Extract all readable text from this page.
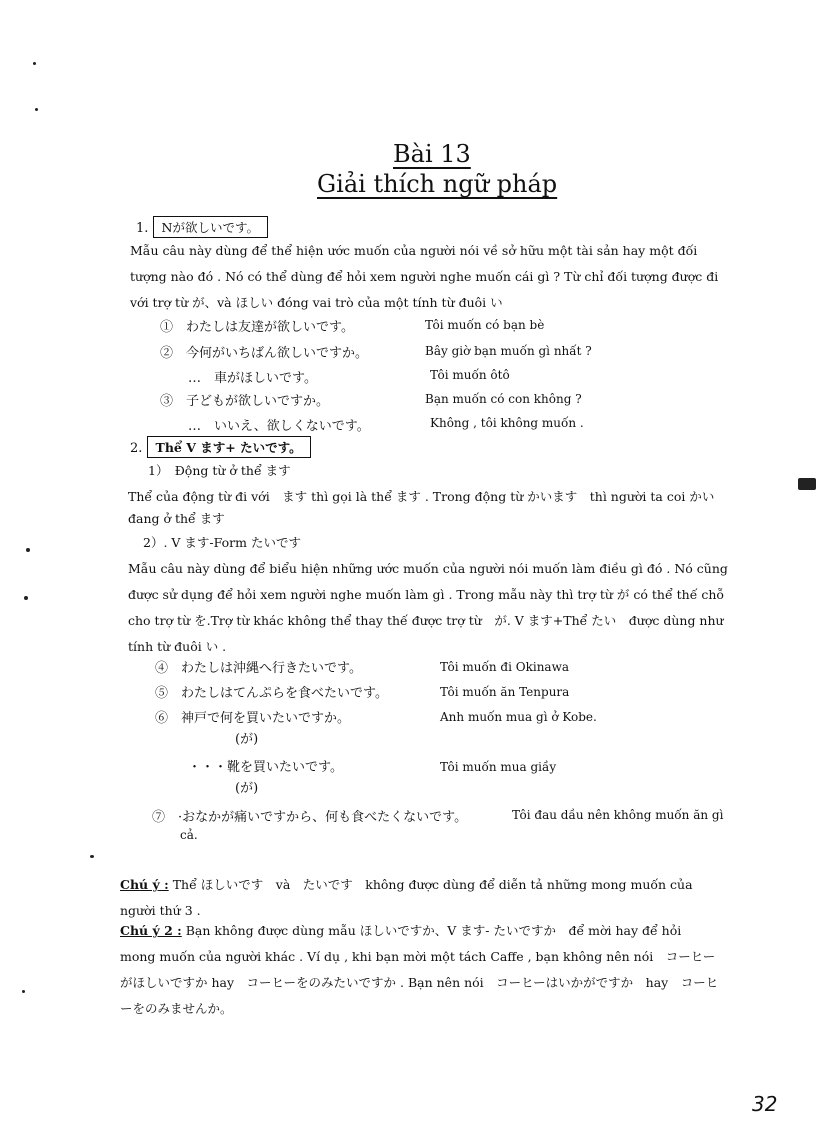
Bài 13
Giải thích ngữ pháp
1. Nが欲しいです。
Mẫu câu này dùng để thể hiện ước muốn của người nói về sở hữu một tài sản hay một đối tượng nào đó . Nó có thể dùng để hỏi xem người nghe muốn cái gì ? Từ chỉ đối tượng được đi với trợ từ が、và ほしい đóng vai trò của một tính từ đuôi い
①　わたしは友達が欲しいです。	Tôi muốn có bạn bè
②　今何がいちばん欲しいですか。	Bây giờ bạn muốn gì nhất ?
…　車がほしいです。	Tôi muốn ôtô
③　子どもが欲しいですか。	Bạn muốn có con không ?
…　いいえ、欲しくないです。	Không , tôi không muốn .
2. Thể V ます+ たいです。
1）　Động từ ở thể ます
Thể của động từ đi với　ます thì gọi là thể ます . Trong động từ かいます　thì người ta coi かい
đang ở thể ます
2）. V ます-Form たいです
Mẫu câu này dùng để biểu hiện những ước muốn của người nói muốn làm điều gì đó . Nó cũng được sử dụng để hỏi xem người nghe muốn làm gì . Trong mẫu này thì trợ từ が có thể thế chỗ cho trợ từ を.Trợ từ khác không thể thay thế được trợ từ　が. V ます+Thể たい　được dùng như tính từ đuôi い .
④　わたしは沖縄へ行きたいです。	Tôi muốn đi Okinawa
⑤　わたしはてんぷらを食べたいです。	Tôi muốn ăn Tenpura
⑥　神戸で何を買いたいですか。	Anh muốn mua gì ở Kobe.
(が)
・・・靴を買いたいです。	Tôi muốn mua giầy
(が)
⑦　·おなかが痛いですから、何も食べたくないです。	Tôi đau dầu nên không muốn ăn gì
cả.
Chú ý : Thể ほしいです　và　たいです　không được dùng để diễn tả những mong muốn của người thứ 3 .
Chú ý 2 : Bạn không được dùng mẫu ほしいですか、V ます- たいですか　để mời hay để hỏi mong muốn của người khác . Ví dụ , khi bạn mời một tách Caffe , bạn không nên nói　コーヒーがほしいですか hay　コーヒーをのみたいですか . Bạn nên nói　コーヒーはいかがですか　hay　コーヒーをのみませんか。
32
